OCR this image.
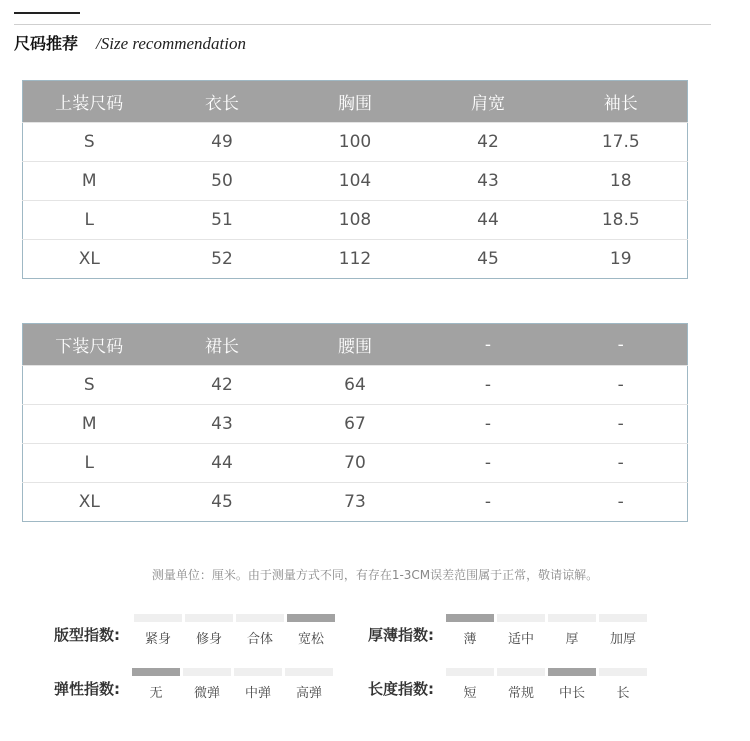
尺码推荐 /Size recommendation
上装尺码	衣长	胸围	肩宽	袖长
S	49	100	42	17.5
M	50	104	43	18
L	51	108	44	18.5
XL	52	112	45	19
下装尺码	裙长	腰围	-	-
S	42	64	-	-
M	43	67	-	-
L	44	70	-	-
XL	45	73	-	-
测量单位：厘米。由于测量方式不同，有存在1-3CM误差范围属于正常，敬请谅解。
版型指数:	紧身	修身	合体	宽松	厚薄指数:	薄	适中	厚	加厚
弹性指数:	无	微弹	中弹	高弹	长度指数:	短	常规	中长	长
